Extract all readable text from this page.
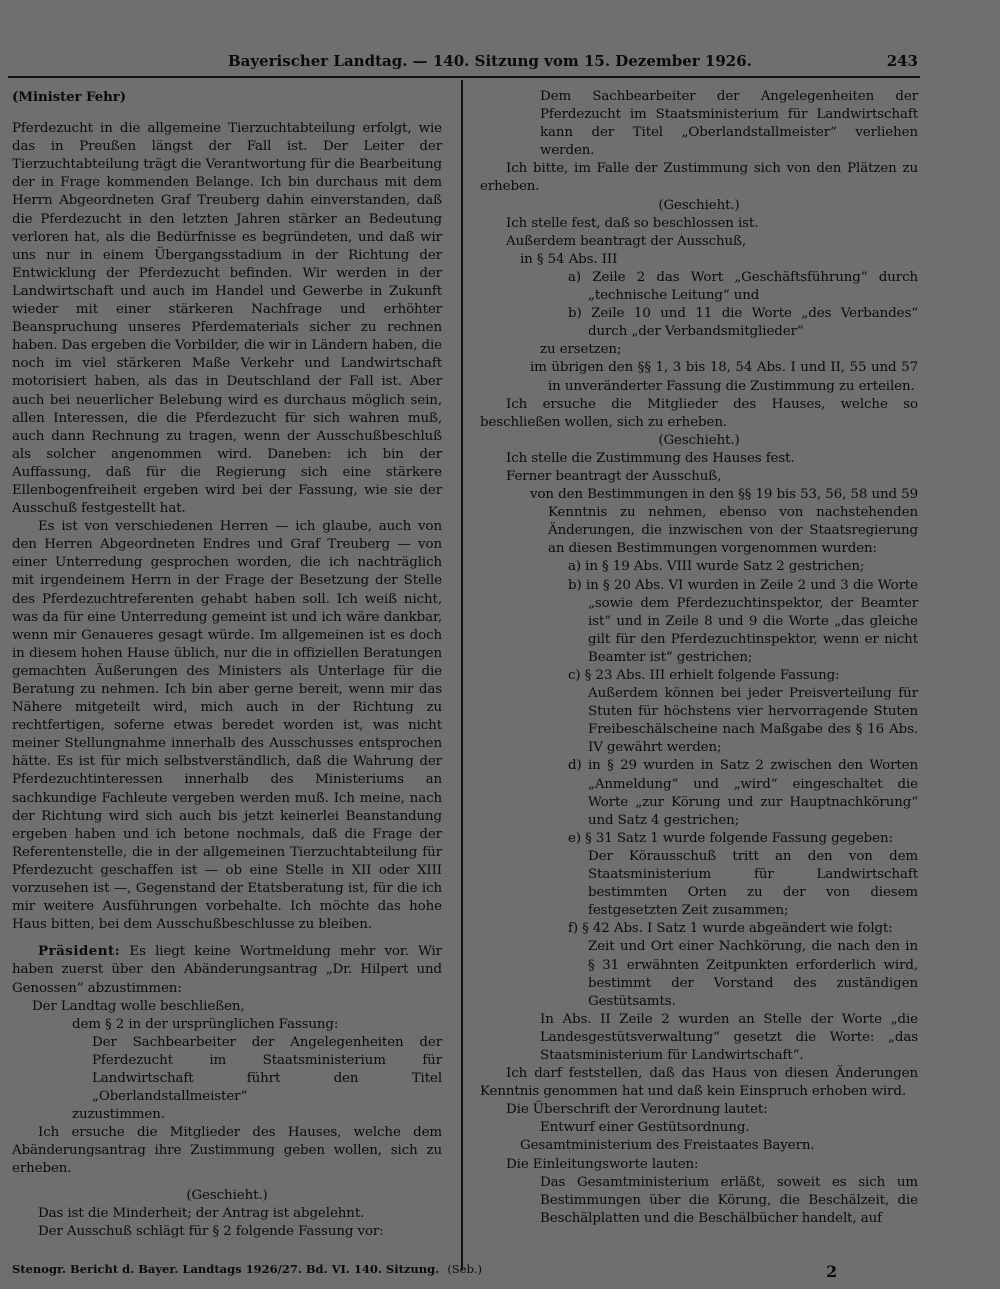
Bayerischer Landtag. — 140. Sitzung vom 15. Dezember 1926.	243

(Minister Fehr)

Pferdezucht in die allgemeine Tierzuchtabteilung erfolgt, wie das in Preußen längst der Fall ist. Der Leiter der Tierzuchtabteilung trägt die Verantwortung für die Bearbeitung der in Frage kommenden Belange. Ich bin durchaus mit dem Herrn Abgeordneten Graf Treuberg dahin einverstanden, daß die Pferdezucht in den letzten Jahren stärker an Bedeutung verloren hat, als die Bedürfnisse es begründeten, und daß wir uns nur in einem Übergangsstadium in der Richtung der Entwicklung der Pferdezucht befinden. Wir werden in der Landwirtschaft und auch im Handel und Gewerbe in Zukunft wieder mit einer stärkeren Nachfrage und erhöhter Beanspruchung unseres Pferdematerials sicher zu rechnen haben. Das ergeben die Vorbilder, die wir in Ländern haben, die noch im viel stärkeren Maße Verkehr und Landwirtschaft motorisiert haben, als das in Deutschland der Fall ist. Aber auch bei neuerlicher Belebung wird es durchaus möglich sein, allen Interessen, die die Pferdezucht für sich wahren muß, auch dann Rechnung zu tragen, wenn der Ausschußbeschluß als solcher angenommen wird. Daneben: ich bin der Auffassung, daß für die Regierung sich eine stärkere Ellenbogenfreiheit ergeben wird bei der Fassung, wie sie der Ausschuß festgestellt hat.

Es ist von verschiedenen Herren — ich glaube, auch von den Herren Abgeordneten Endres und Graf Treuberg — von einer Unterredung gesprochen worden, die ich nachträglich mit irgendeinem Herrn in der Frage der Besetzung der Stelle des Pferdezuchtreferenten gehabt haben soll. Ich weiß nicht, was da für eine Unterredung gemeint ist und ich wäre dankbar, wenn mir Genaueres gesagt würde. Im allgemeinen ist es doch in diesem hohen Hause üblich, nur die in offiziellen Beratungen gemachten Äußerungen des Ministers als Unterlage für die Beratung zu nehmen. Ich bin aber gerne bereit, wenn mir das Nähere mitgeteilt wird, mich auch in der Richtung zu rechtfertigen, soferne etwas beredet worden ist, was nicht meiner Stellungnahme innerhalb des Ausschusses entsprochen hätte. Es ist für mich selbstverständlich, daß die Wahrung der Pferdezuchtinteressen innerhalb des Ministeriums an sachkundige Fachleute vergeben werden muß. Ich meine, nach der Richtung wird sich auch bis jetzt keinerlei Beanstandung ergeben haben und ich betone nochmals, daß die Frage der Referentenstelle, die in der allgemeinen Tierzuchtabteilung für Pferdezucht geschaffen ist — ob eine Stelle in XII oder XIII vorzusehen ist —, Gegenstand der Etatsberatung ist, für die ich mir weitere Ausführungen vorbehalte. Ich möchte das hohe Haus bitten, bei dem Ausschußbeschlusse zu bleiben.

Präsident: Es liegt keine Wortmeldung mehr vor. Wir haben zuerst über den Abänderungsantrag „Dr. Hilpert und Genossen“ abzustimmen:

Der Landtag wolle beschließen,

dem § 2 in der ursprünglichen Fassung:

Der Sachbearbeiter der Angelegenheiten der Pferdezucht im Staatsministerium für Landwirtschaft führt den Titel „Oberlandstallmeister“

zuzustimmen.

Ich ersuche die Mitglieder des Hauses, welche dem Abänderungsantrag ihre Zustimmung geben wollen, sich zu erheben.

(Geschieht.)

Das ist die Minderheit; der Antrag ist abgelehnt.

Der Ausschuß schlägt für § 2 folgende Fassung vor:

Dem Sachbearbeiter der Angelegenheiten der Pferdezucht im Staatsministerium für Landwirtschaft kann der Titel „Oberlandstallmeister“ verliehen werden.

Ich bitte, im Falle der Zustimmung sich von den Plätzen zu erheben.

(Geschieht.)

Ich stelle fest, daß so beschlossen ist.

Außerdem beantragt der Ausschuß,

in § 54 Abs. III

a) Zeile 2 das Wort „Geschäftsführung“ durch „technische Leitung“ und

b) Zeile 10 und 11 die Worte „des Verbandes“ durch „der Verbandsmitglieder“

zu ersetzen;

im übrigen den §§ 1, 3 bis 18, 54 Abs. I und II, 55 und 57 in unveränderter Fassung die Zustimmung zu erteilen.

Ich ersuche die Mitglieder des Hauses, welche so beschließen wollen, sich zu erheben.

(Geschieht.)

Ich stelle die Zustimmung des Hauses fest.

Ferner beantragt der Ausschuß,

von den Bestimmungen in den §§ 19 bis 53, 56, 58 und 59 Kenntnis zu nehmen, ebenso von nachstehenden Änderungen, die inzwischen von der Staatsregierung an diesen Bestimmungen vorgenommen wurden:

a) in § 19 Abs. VIII wurde Satz 2 gestrichen;

b) in § 20 Abs. VI wurden in Zeile 2 und 3 die Worte „sowie dem Pferdezuchtinspektor, der Beamter ist“ und in Zeile 8 und 9 die Worte „das gleiche gilt für den Pferdezuchtinspektor, wenn er nicht Beamter ist“ gestrichen;

c) § 23 Abs. III erhielt folgende Fassung:

Außerdem können bei jeder Preisverteilung für Stuten für höchstens vier hervorragende Stuten Freibeschälscheine nach Maßgabe des § 16 Abs. IV gewährt werden;

d) in § 29 wurden in Satz 2 zwischen den Worten „Anmeldung“ und „wird“ eingeschaltet die Worte „zur Körung und zur Hauptnachkörung“ und Satz 4 gestrichen;

e) § 31 Satz 1 wurde folgende Fassung gegeben:

Der Körausschuß tritt an den von dem Staatsministerium für Landwirtschaft bestimmten Orten zu der von diesem festgesetzten Zeit zusammen;

f) § 42 Abs. I Satz 1 wurde abgeändert wie folgt:

Zeit und Ort einer Nachkörung, die nach den in § 31 erwähnten Zeitpunkten erforderlich wird, bestimmt der Vorstand des zuständigen Gestütsamts.

In Abs. II Zeile 2 wurden an Stelle der Worte „die Landesgestütsverwaltung“ gesetzt die Worte: „das Staatsministerium für Landwirtschaft“.

Ich darf feststellen, daß das Haus von diesen Änderungen Kenntnis genommen hat und daß kein Einspruch erhoben wird.

Die Überschrift der Verordnung lautet:

Entwurf einer Gestütsordnung.

Gesamtministerium des Freistaates Bayern.

Die Einleitungsworte lauten:

Das Gesamtministerium erläßt, soweit es sich um Bestimmungen über die Körung, die Beschälzeit, die Beschälplatten und die Beschälbücher handelt, auf

Stenogr. Bericht d. Bayer. Landtags 1926/27. Bd. VI. 140. Sitzung. (Seb.)	2
